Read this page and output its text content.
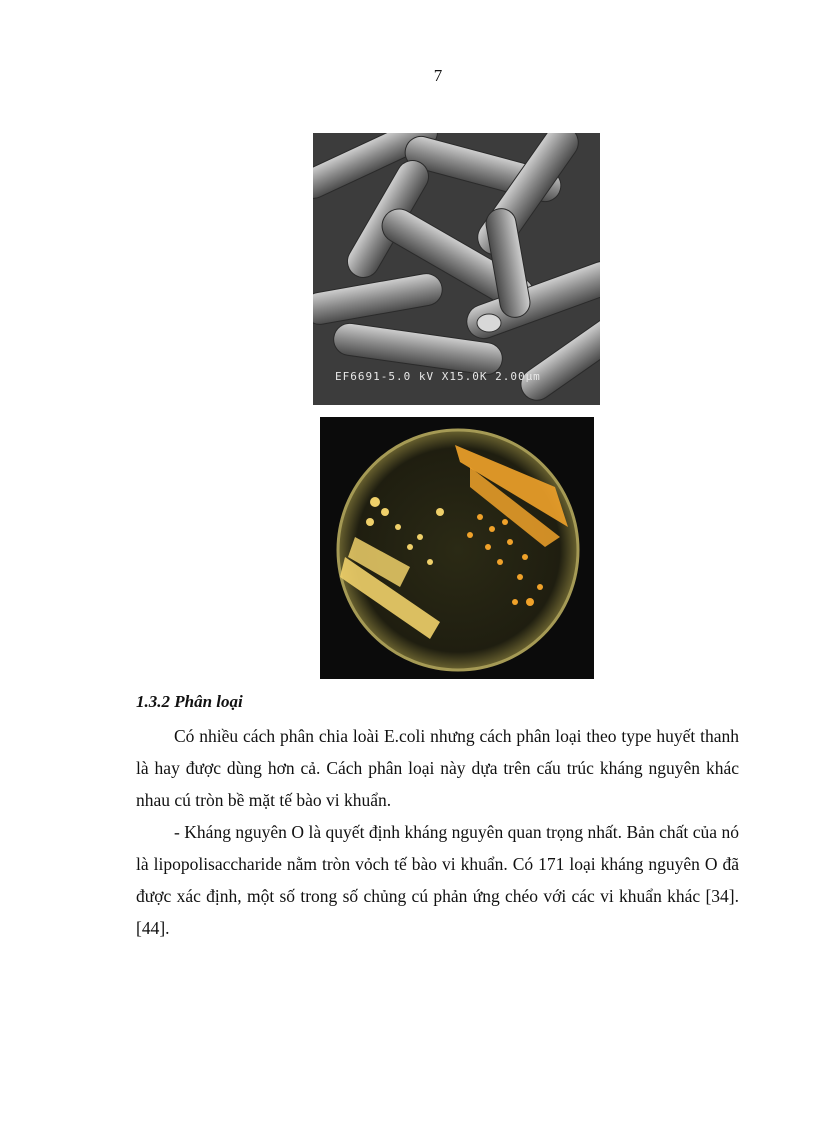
7
EF6691-5.0 kV X15.0K 2.00µm
1.3.2 Phân loại

Có nhiều cách phân chia loài E.coli nhưng cách phân loại theo type huyết thanh là hay được dùng hơn cả. Cách phân loại này dựa trên cấu trúc kháng nguyên khác nhau cú tròn bề mặt tế bào vi khuẩn.

- Kháng nguyên O là quyết định kháng nguyên quan trọng nhất. Bản chất của nó là lipopolisaccharide nằm tròn vỏch tế bào vi khuẩn. Có 171 loại kháng nguyên O đã được xác định, một số trong số chủng cú phản ứng chéo với các vi khuẩn khác [34].[44].
